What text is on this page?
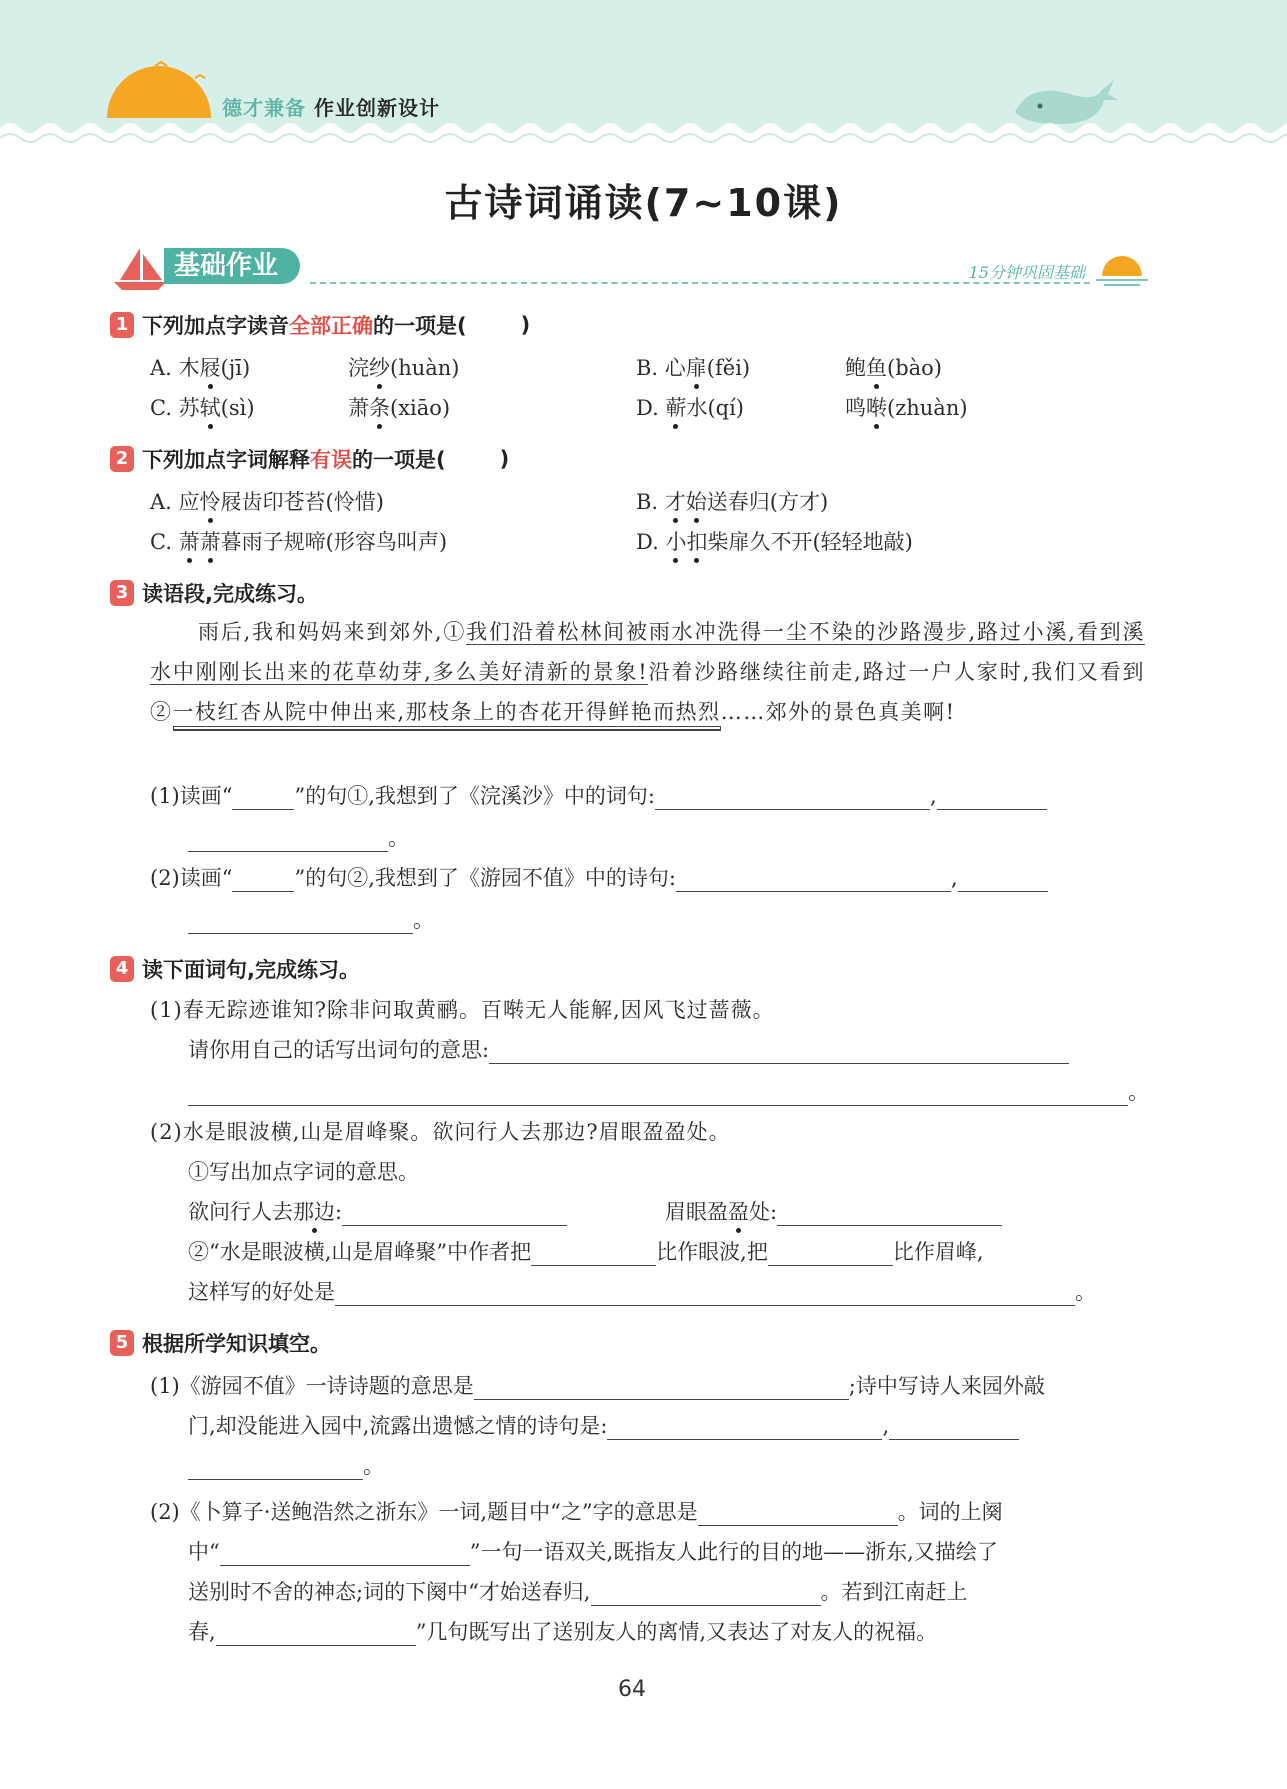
德才兼备 作业创新设计
古诗词诵读(7~10课)
基础作业	15分钟巩固基础
1 下列加点字读音 全部正确 的一项是(	)
A. 木屐(jī)	浣纱(huàn)	B. 心扉(fěi)	鲍鱼(bào)
C. 苏轼(sì)	萧条(xiāo)	D. 蕲水(qí)	鸣啭(zhuàn)
2 下列加点字词解释 有误 的一项是(	)
A. 应怜屐齿印苍苔(怜惜)	B. 才始送春归(方才)
C. 萧萧暮雨子规啼(形容鸟叫声)	D. 小扣柴扉久不开(轻轻地敲)
3 读语段,完成练习。
雨后,我和妈妈来到郊外,①我们沿着松林间被雨水冲洗得一尘不染的沙路漫步,路过小溪,看到溪水中刚刚长出来的花草幼芽,多么美好清新的景象!沿着沙路继续往前走,路过一户人家时,我们又看到②一枝红杏从院中伸出来,那枝条上的杏花开得鲜艳而热烈……郊外的景色真美啊!
(1)读画“	”的句①,我想到了《浣溪沙》中的词句:	,
。
(2)读画“	”的句②,我想到了《游园不值》中的诗句:	,
。
4 读下面词句,完成练习。
(1)春无踪迹谁知?除非问取黄鹂。百啭无人能解,因风飞过蔷薇。
请你用自己的话写出词句的意思:
。
(2)水是眼波横,山是眉峰聚。欲问行人去那边?眉眼盈盈处。
①写出加点字词的意思。
欲问行人去那边:	眉眼盈盈处:
②“水是眼波横,山是眉峰聚”中作者把	比作眼波,把	比作眉峰,
这样写的好处是	。
5 根据所学知识填空。
(1)《游园不值》一诗诗题的意思是	;诗中写诗人来园外敲
门,却没能进入园中,流露出遗憾之情的诗句是:	,
。
(2)《卜算子·送鲍浩然之浙东》一词,题目中“之”字的意思是	。词的上阕
中“	”一句一语双关,既指友人此行的目的地——浙东,又描绘了
送别时不舍的神态;词的下阕中“才始送春归,	。若到江南赶上
春,	”几句既写出了送别友人的离情,又表达了对友人的祝福。
64
